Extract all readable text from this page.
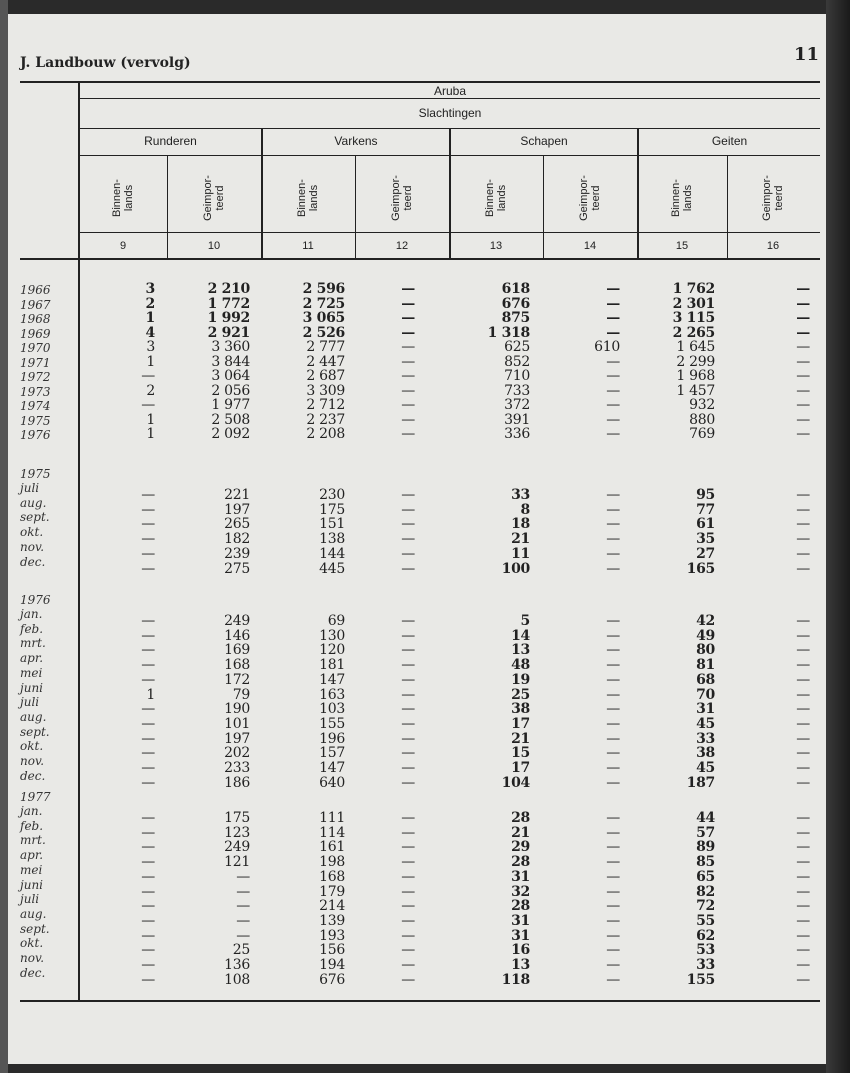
J. Landbouw (vervolg)	11
Aruba
Slachtingen
Runderen	Varkens	Schapen	Geiten
Binnen-
lands
9
Geimpor-
teerd
10
Binnen-
lands
11
Geimpor-
teerd
12
Binnen-
lands
13
Geimpor-
teerd
14
Binnen-
lands
15
Geimpor-
teerd
16
1966	3	2 210	2 596	—	618	—	1 762	—
1967	2	1 772	2 725	—	676	—	2 301	—
1968	1	1 992	3 065	—	875	—	3 115	—
1969	4	2 921	2 526	—	1 318	—	2 265	—
1970	3	3 360	2 777	—	625	610	1 645	—
1971	1	3 844	2 447	—	852	—	2 299	—
1972	—	3 064	2 687	—	710	—	1 968	—
1973	2	2 056	3 309	—	733	—	1 457	—
1974	—	1 977	2 712	—	372	—	932	—
1975	1	2 508	2 237	—	391	—	880	—
1976	1	2 092	2 208	—	336	—	769	—
1975
juli	—	221	230	—	33	—	95	—
aug.	—	197	175	—	8	—	77	—
sept.	—	265	151	—	18	—	61	—
okt.	—	182	138	—	21	—	35	—
nov.	—	239	144	—	11	—	27	—
dec.	—	275	445	—	100	—	165	—
1976
jan.	—	249	69	—	5	—	42	—
feb.	—	146	130	—	14	—	49	—
mrt.	—	169	120	—	13	—	80	—
apr.	—	168	181	—	48	—	81	—
mei	—	172	147	—	19	—	68	—
juni	1	79	163	—	25	—	70	—
juli	—	190	103	—	38	—	31	—
aug.	—	101	155	—	17	—	45	—
sept.	—	197	196	—	21	—	33	—
okt.	—	202	157	—	15	—	38	—
nov.	—	233	147	—	17	—	45	—
dec.	—	186	640	—	104	—	187	—
1977
jan.	—	175	111	—	28	—	44	—
feb.	—	123	114	—	21	—	57	—
mrt.	—	249	161	—	29	—	89	—
apr.	—	121	198	—	28	—	85	—
mei	—	—	168	—	31	—	65	—
juni	—	—	179	—	32	—	82	—
juli	—	—	214	—	28	—	72	—
aug.	—	—	139	—	31	—	55	—
sept.	—	—	193	—	31	—	62	—
okt.	—	25	156	—	16	—	53	—
nov.	—	136	194	—	13	—	33	—
dec.	—	108	676	—	118	—	155	—
